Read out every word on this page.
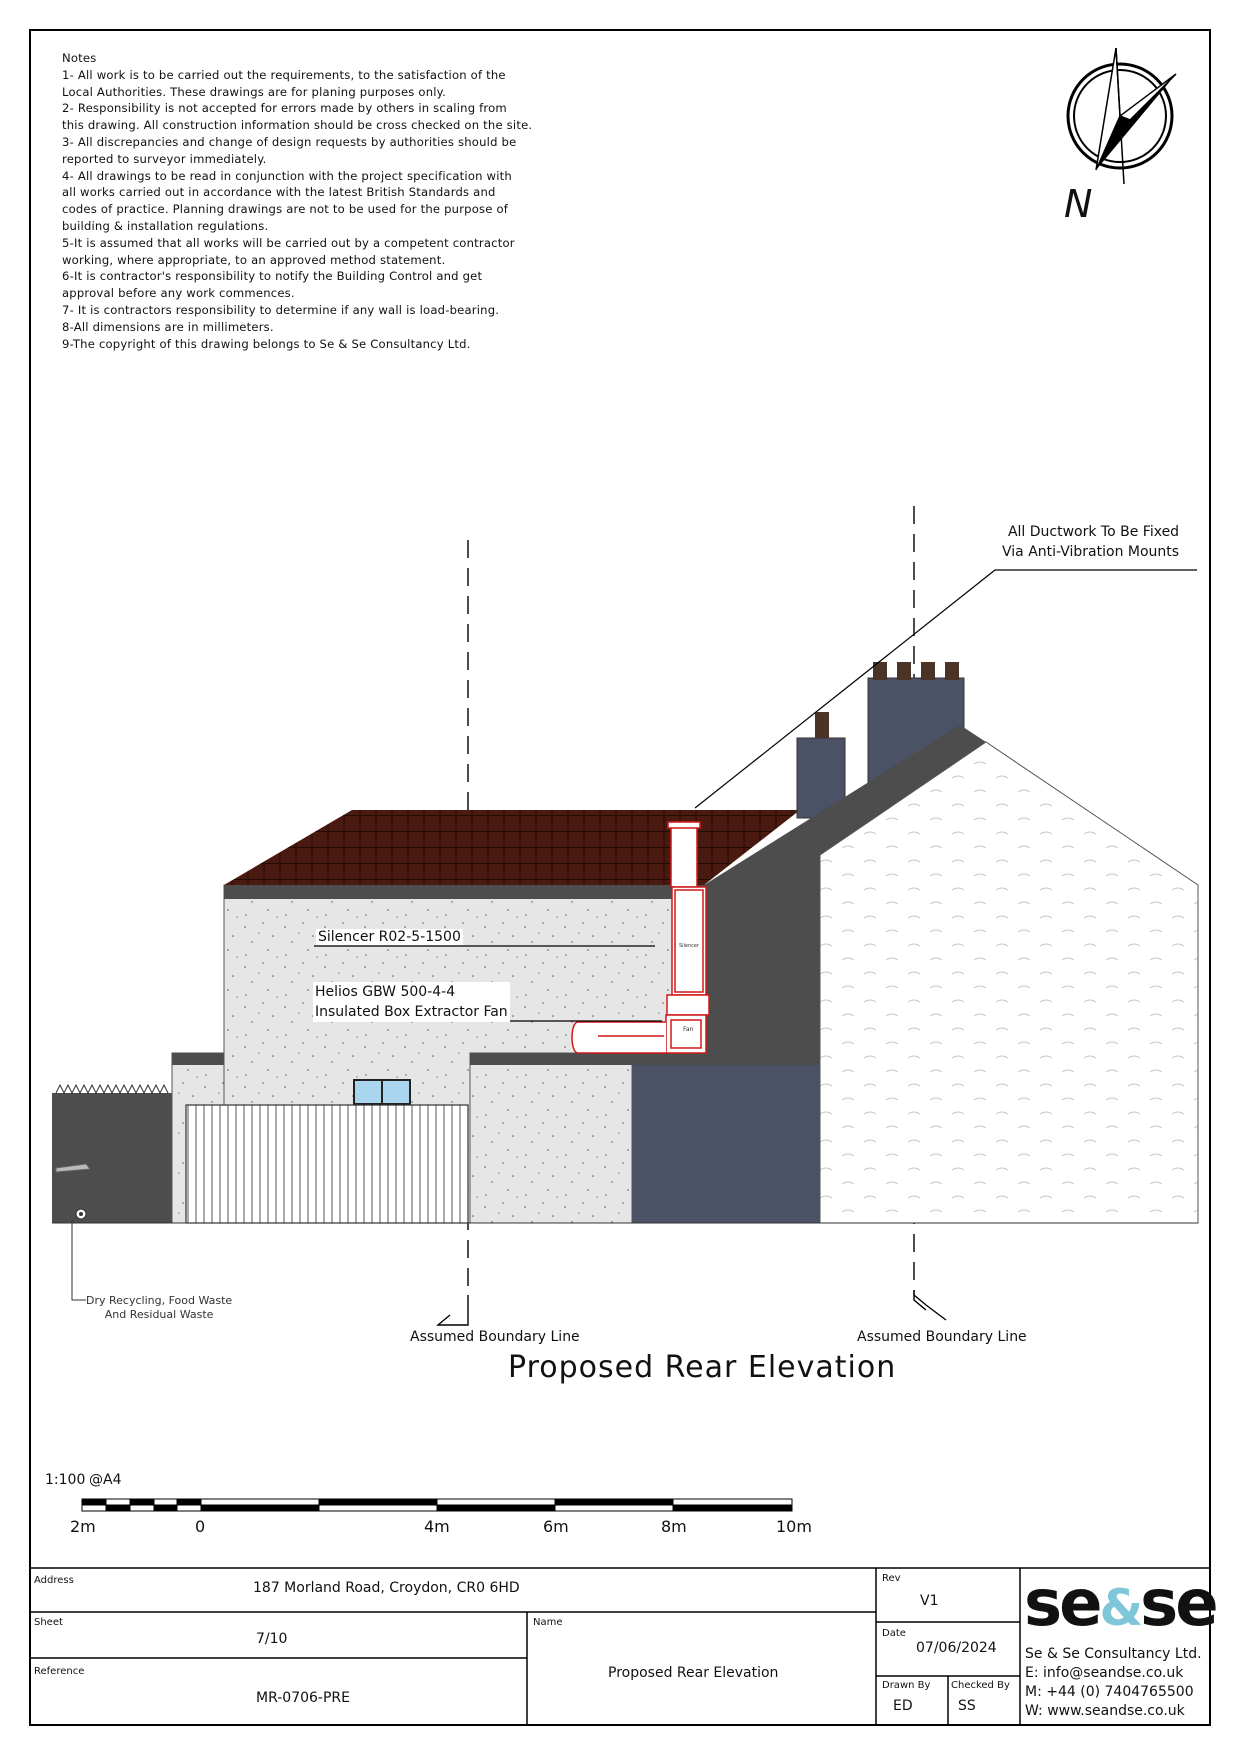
Notes
1- All work is to be carried out the requirements, to the satisfaction of the
Local Authorities. These drawings are for planing purposes only.
2- Responsibility is not accepted for errors made by others in scaling from
this drawing. All construction information should be cross checked on the site.
3- All discrepancies and change of design requests by authorities should be
reported to surveyor immediately.
4- All drawings to be read in conjunction with the project specification with
all works carried out in accordance with the latest British Standards and
codes of practice. Planning drawings are not to be used for the purpose of
building & installation regulations.
5-It is assumed that all works will be carried out by a competent contractor
working, where appropriate, to an approved method statement.
6-It is contractor's responsibility to notify the Building Control and get
approval before any work commences.
7- It is contractors responsibility to determine if any wall is load-bearing.
8-All dimensions are in millimeters.
9-The copyright of this drawing belongs to Se & Se Consultancy Ltd.
Silencer
Fan
All Ductwork To Be Fixed
Via Anti-Vibration Mounts
Silencer R02-5-1500
Helios GBW 500-4-4
Insulated Box Extractor Fan
Dry Recycling, Food Waste
And Residual Waste
Assumed Boundary Line	Assumed Boundary Line
Proposed Rear Elevation
N
1:100 @A4
2m	0	4m	6m	8m	10m
Address	187 Morland Road, Croydon, CR0 6HD
Sheet
7/10
Reference
MR-0706-PRE
Name
Proposed Rear Elevation
Rev
V1
Date
07/06/2024
Drawn By
ED
Checked By
SS
se&se
Se & Se Consultancy Ltd.
E: info@seandse.co.uk
M: +44 (0) 7404765500
W: www.seandse.co.uk
